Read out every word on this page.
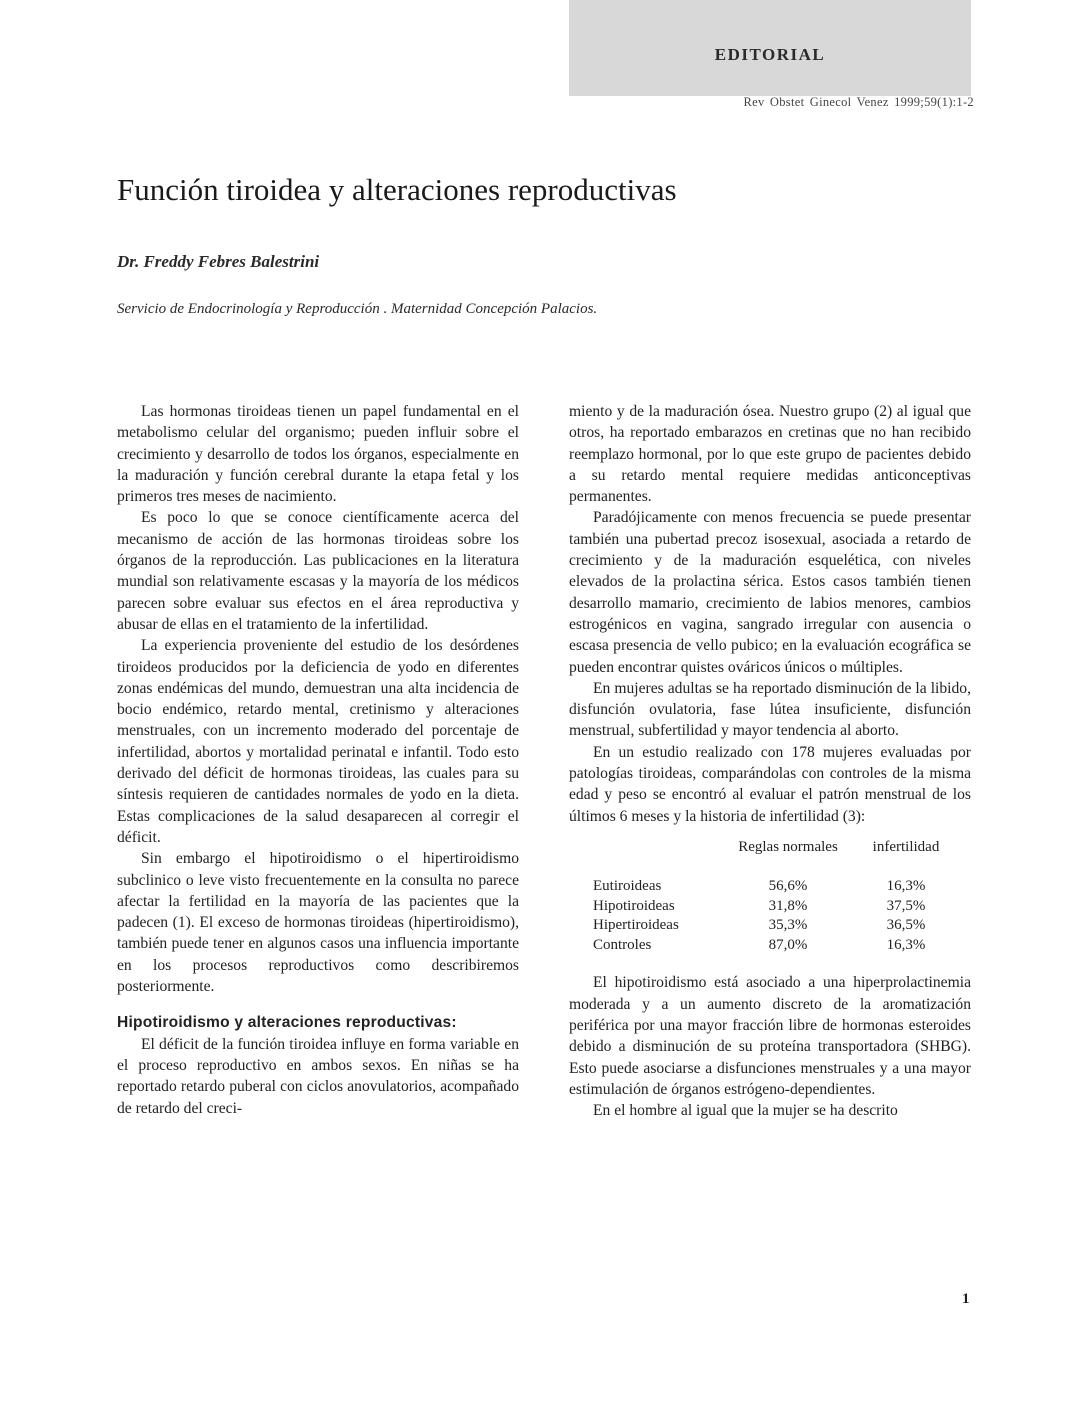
EDITORIAL
Rev Obstet Ginecol Venez 1999;59(1):1-2
Función tiroidea y alteraciones reproductivas
Dr. Freddy Febres Balestrini
Servicio de Endocrinología y Reproducción . Maternidad Concepción Palacios.

Las hormonas tiroideas tienen un papel fundamental en el metabolismo celular del organismo; pueden influir sobre el crecimiento y desarrollo de todos los órganos, especialmente en la maduración y función cerebral durante la etapa fetal y los primeros tres meses de nacimiento.

Es poco lo que se conoce científicamente acerca del mecanismo de acción de las hormonas tiroideas sobre los órganos de la reproducción. Las publicaciones en la literatura mundial son relativamente escasas y la mayoría de los médicos parecen sobre evaluar sus efectos en el área reproductiva y abusar de ellas en el tratamiento de la infertilidad.

La experiencia proveniente del estudio de los desórdenes tiroideos producidos por la deficiencia de yodo en diferentes zonas endémicas del mundo, demuestran una alta incidencia de bocio endémico, retardo mental, cretinismo y alteraciones menstruales, con un incremento moderado del porcentaje de infertilidad, abortos y mortalidad perinatal e infantil. Todo esto derivado del déficit de hormonas tiroideas, las cuales para su síntesis requieren de cantidades normales de yodo en la dieta. Estas complicaciones de la salud desaparecen al corregir el déficit.

Sin embargo el hipotiroidismo o el hipertiroidismo subclinico o leve visto frecuentemente en la consulta no parece afectar la fertilidad en la mayoría de las pacientes que la padecen (1). El exceso de hormonas tiroideas (hipertiroidismo), también puede tener en algunos casos una influencia importante en los procesos reproductivos como describiremos posteriormente.

Hipotiroidismo y alteraciones reproductivas:

El déficit de la función tiroidea influye en forma variable en el proceso reproductivo en ambos sexos. En niñas se ha reportado retardo puberal con ciclos anovulatorios, acompañado de retardo del creci-

miento y de la maduración ósea. Nuestro grupo (2) al igual que otros, ha reportado embarazos en cretinas que no han recibido reemplazo hormonal, por lo que este grupo de pacientes debido a su retardo mental requiere medidas anticonceptivas permanentes.

Paradójicamente con menos frecuencia se puede presentar también una pubertad precoz isosexual, asociada a retardo de crecimiento y de la maduración esquelética, con niveles elevados de la prolactina sérica. Estos casos también tienen desarrollo mamario, crecimiento de labios menores, cambios estrogénicos en vagina, sangrado irregular con ausencia o escasa presencia de vello pubico; en la evaluación ecográfica se pueden encontrar quistes ováricos únicos o múltiples.

En mujeres adultas se ha reportado disminución de la libido, disfunción ovulatoria, fase lútea insuficiente, disfunción menstrual, subfertilidad y mayor tendencia al aborto.

En un estudio realizado con 178 mujeres evaluadas por patologías tiroideas, comparándolas con controles de la misma edad y peso se encontró al evaluar el patrón menstrual de los últimos 6 meses y la historia de infertilidad (3):

	Reglas normales	infertilidad
Eutiroideas	56,6%	16,3%
Hipotiroideas	31,8%	37,5%
Hipertiroideas	35,3%	36,5%
Controles	87,0%	16,3%

El hipotiroidismo está asociado a una hiperprolactinemia moderada y a un aumento discreto de la aromatización periférica por una mayor fracción libre de hormonas esteroides debido a disminución de su proteína transportadora (SHBG). Esto puede asociarse a disfunciones menstruales y a una mayor estimulación de órganos estrógeno-dependientes.

En el hombre al igual que la mujer se ha descrito

1
